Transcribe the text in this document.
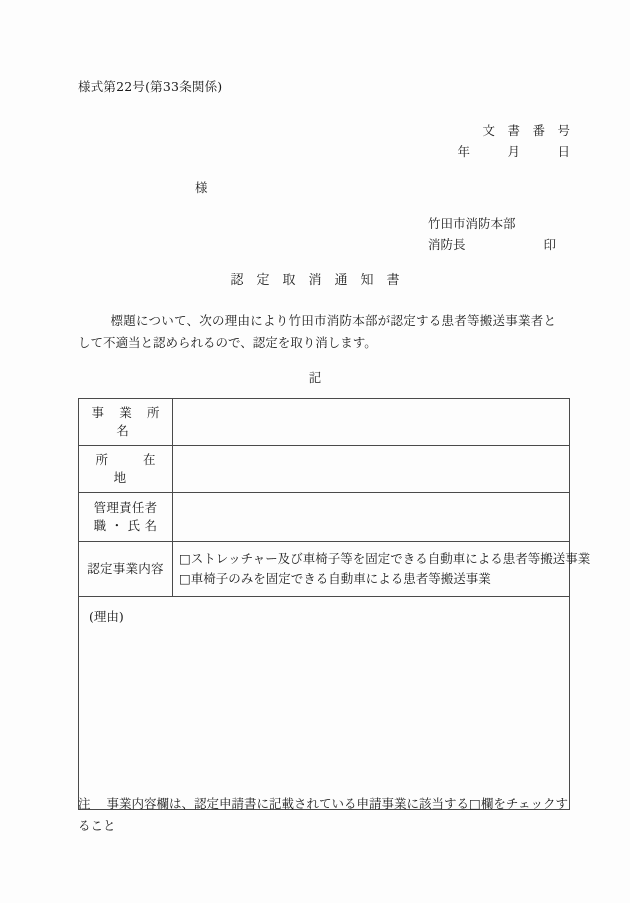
様式第22号(第33条関係)
文　書　番　号
年　　　月　　　日
様
竹田市消防本部
消防長	印
認　定　取　消　通　知　書
標題について、次の理由により竹田市消防本部が認定する患者等搬送事業者として不適当と認められるので、認定を取り消します。
記
事 業 所 名	
所　在　地	

管理責任者
職 ・ 氏 名	

認定事業内容	□ストレッチャー及び車椅子等を固定できる自動車による患者等搬送事業
□車椅子のみを固定できる自動車による患者等搬送事業

(理由)	
注 事業内容欄は、認定申請書に記載されている申請事業に該当する□欄をチェックすること
